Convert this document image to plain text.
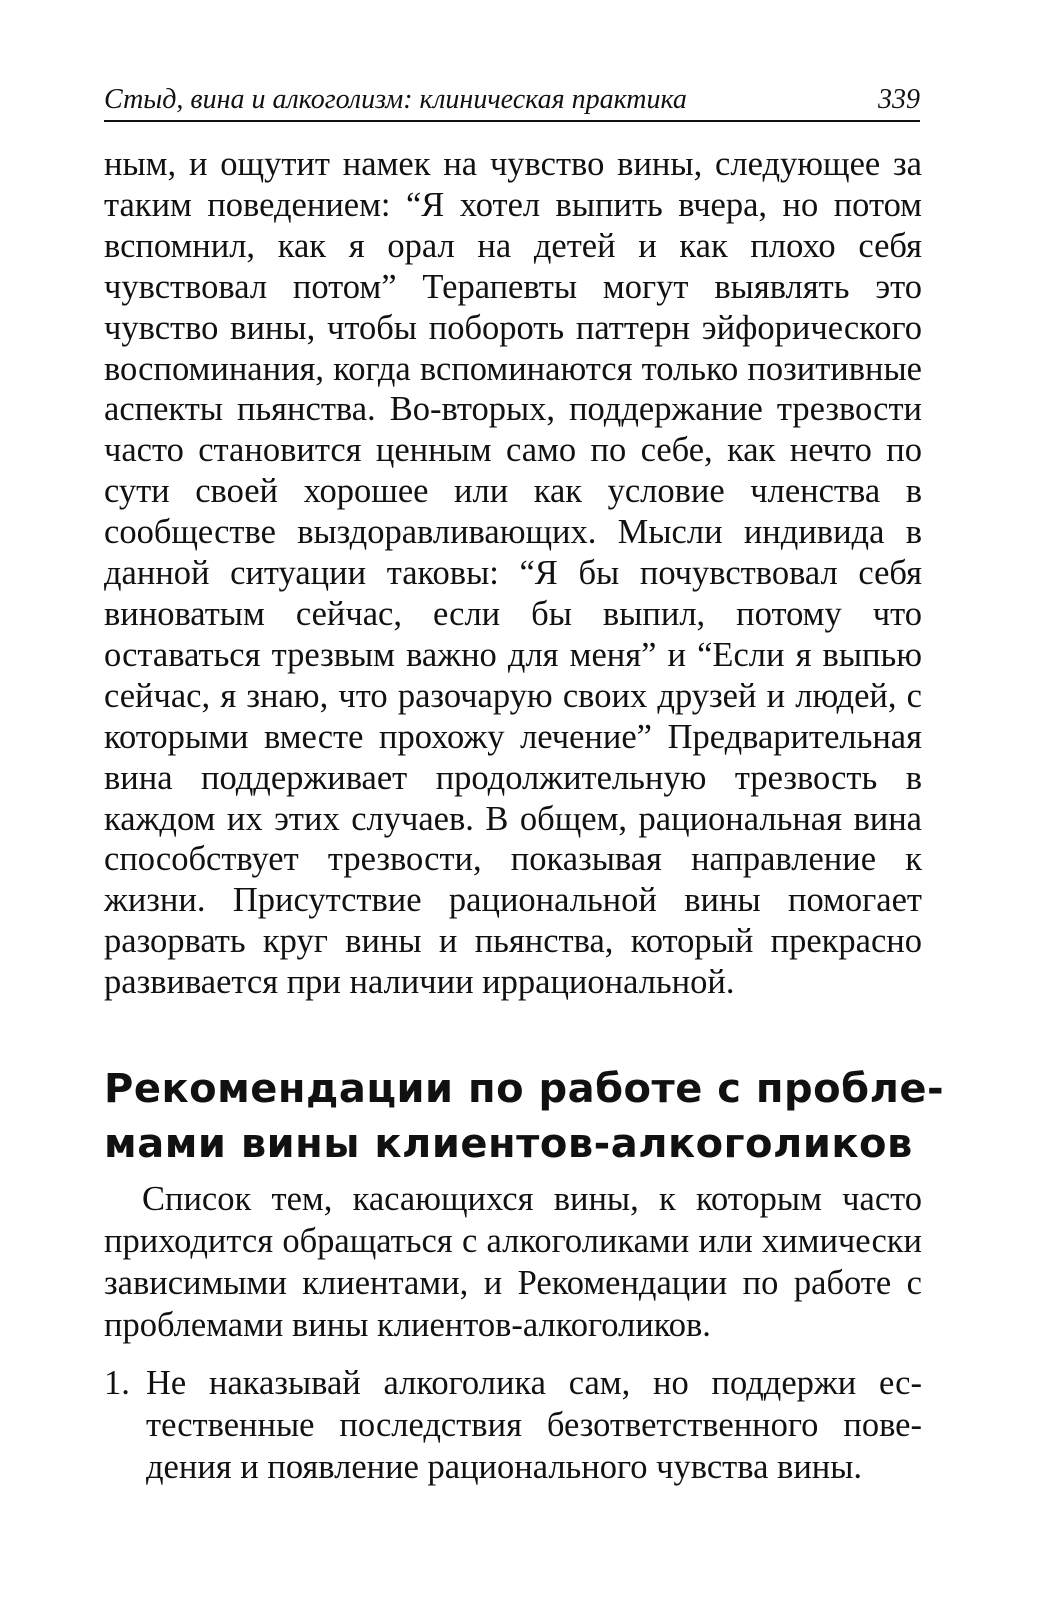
Стыд, вина и алкоголизм: клиническая практика	339

ным, и ощутит намек на чувство вины, следующее за таким поведением: “Я хотел выпить вчера, но потом вспомнил, как я орал на детей и как плохо себя чувствовал потом” Терапевты могут выявлять это чувство вины, чтобы побороть паттерн эйфорического воспоминания, когда вспоминаются только позитивные аспекты пьянства. Во-вторых, поддержание трезвости часто становится ценным само по себе, как нечто по сути своей хорошее или как условие членства в сообществе выздоравливающих. Мысли индивида в данной ситуации таковы: “Я бы почувствовал себя виноватым сейчас, если бы выпил, потому что оставаться трезвым важно для меня” и “Если я выпью сейчас, я знаю, что разочарую своих друзей и людей, с которыми вместе прохожу лечение” Предварительная вина поддерживает продолжительную трезвость в каждом их этих случаев. В общем, рациональная вина способствует трезвости, показывая направление к жизни. Присутствие рациональной вины помогает разорвать круг вины и пьянства, который прекрасно развивается при наличии иррациональной.

Рекомендации по работе с проблемами вины клиентов-алкоголиков

Список тем, касающихся вины, к которым часто приходится обращаться с алкоголиками или химически зависимыми клиентами, и Рекомендации по работе с проблемами вины клиентов-алкоголиков.

1. Не наказывай алкоголика сам, но поддержи естественные последствия безответственного поведения и появление рационального чувства вины.
